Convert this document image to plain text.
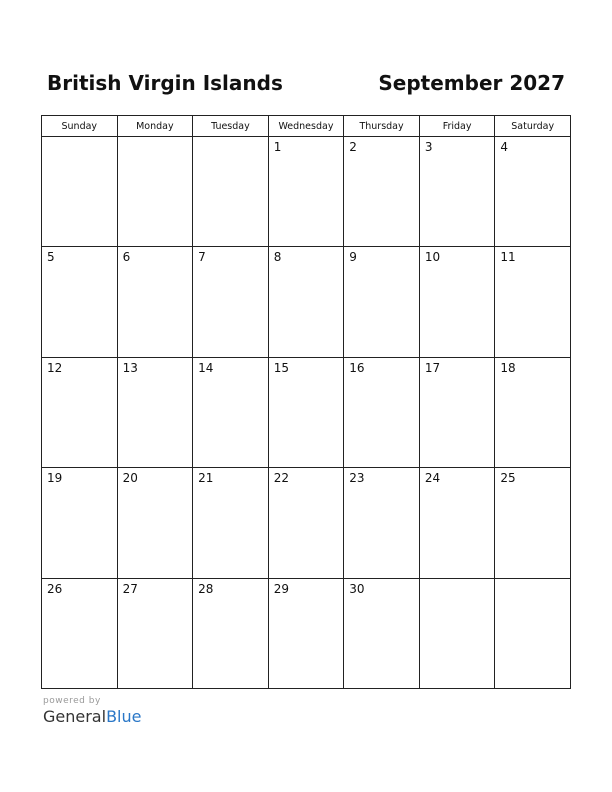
British Virgin Islands	September 2027
Sunday	Monday	Tuesday	Wednesday	Thursday	Friday	Saturday

			1	2	3	4

5	6	7	8	9	10	11

12	13	14	15	16	17	18

19	20	21	22	23	24	25

26	27	28	29	30		

powered by
GeneralBlue
